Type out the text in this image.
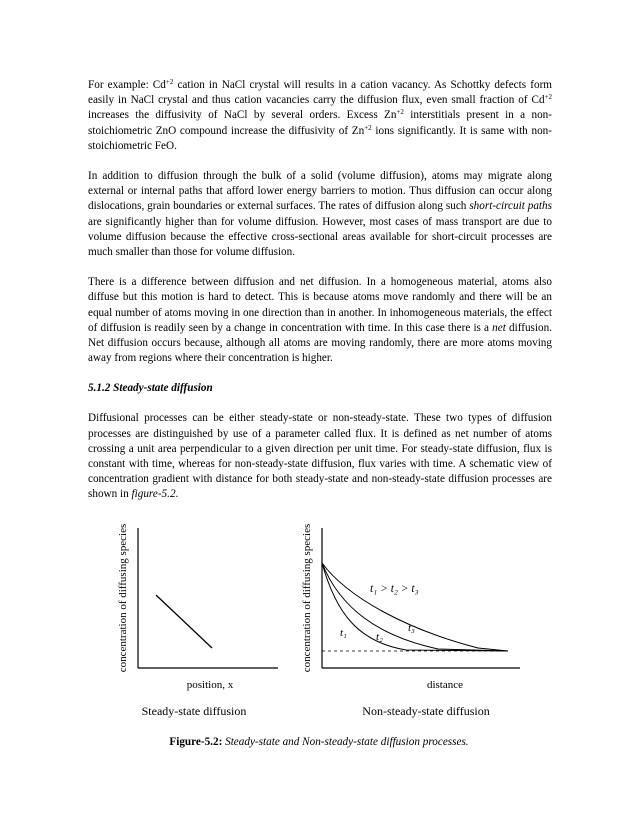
For example: $Cd^{+2}$ cation in NaCl crystal will results in a cation vacancy. As Schottky defects form easily in NaCl crystal and thus cation vacancies carry the diffusion flux, even small fraction of $Cd^{+2}$ increases the diffusivity of NaCl by several orders. Excess $Zn^{+2}$ interstitials present in a non-stoichiometric ZnO compound increase the diffusivity of $Zn^{+2}$ ions significantly. It is same with non-stoichiometric FeO.

In addition to diffusion through the bulk of a solid (volume diffusion), atoms may migrate along external or internal paths that afford lower energy barriers to motion. Thus diffusion can occur along dislocations, grain boundaries or external surfaces. The rates of diffusion along such short-circuit paths are significantly higher than for volume diffusion. However, most cases of mass transport are due to volume diffusion because the effective cross-sectional areas available for short-circuit processes are much smaller than those for volume diffusion.

There is a difference between diffusion and net diffusion. In a homogeneous material, atoms also diffuse but this motion is hard to detect. This is because atoms move randomly and there will be an equal number of atoms moving in one direction than in another. In inhomogeneous materials, the effect of diffusion is readily seen by a change in concentration with time. In this case there is a net diffusion. Net diffusion occurs because, although all atoms are moving randomly, there are more atoms moving away from regions where their concentration is higher.

5.1.2 Steady-state diffusion

Diffusional processes can be either steady-state or non-steady-state. These two types of diffusion processes are distinguished by use of a parameter called flux. It is defined as net number of atoms crossing a unit area perpendicular to a given direction per unit time. For steady-state diffusion, flux is constant with time, whereas for non-steady-state diffusion, flux varies with time. A schematic view of concentration gradient with distance for both steady-state and non-steady-state diffusion processes are shown in figure-5.2.

concentration of diffusing species
position, x
Steady-state diffusion
concentration of diffusing species
distance
Non-steady-state diffusion
t₁ > t₂ > t₃
t₁	t₂
t₃
Figure-5.2: Steady-state and Non-steady-state diffusion processes.
